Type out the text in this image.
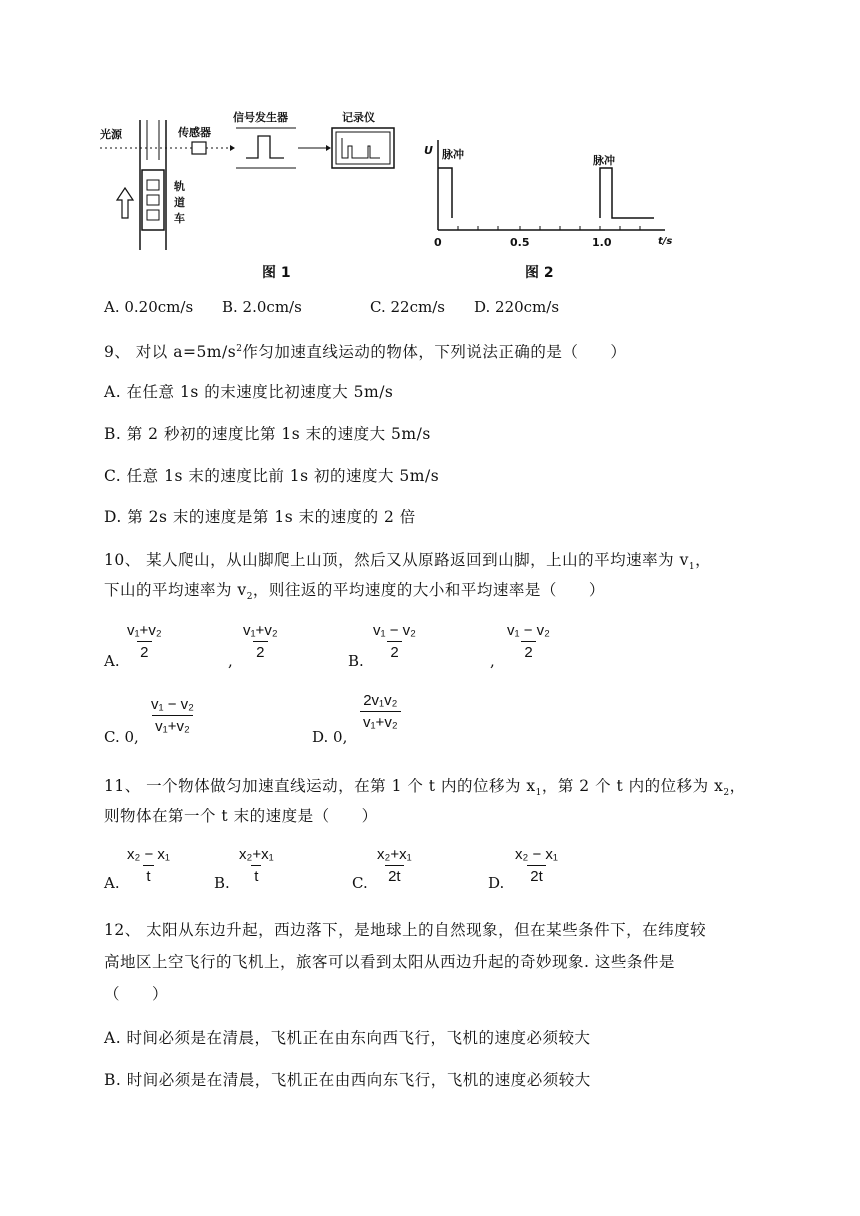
光源	传感器
信号发生器	记录仪
轨
道
车
图 1
U 脉冲	脉冲
0	0.5	1.0	t/s
图 2
A. 0.20cm/s B. 2.0cm/s	C. 22cm/s D. 220cm/s
9、 对以 $a=5m/s^2$作匀加速直线运动的物体，下列说法正确的是（　　）
A. 在任意 1s 的末速度比初速度大 5m/s
B. 第 2 秒初的速度比第 1s 末的速度大 5m/s
C. 任意 1s 末的速度比前 1s 初的速度大 5m/s
D. 第 2s 末的速度是第 1s 末的速度的 2 倍
10、 某人爬山，从山脚爬上山顶，然后又从原路返回到山脚，上山的平均速率为 $v_1$，
下山的平均速率为 $v_2$，则往返的平均速度的大小和平均速率是（　　）
A. $\frac{\text{v₁+v₂}}{2}$	, $\frac{\text{v₁+v₂}}{2}$	B. $\frac{\text{v₁ − v₂}}{2}$	, $\frac{\text{v₁ − v₂}}{2}$
C. 0,
$\frac{\text{v₁ − v₂}}{\text{v₁+v₂}}$
D. 0,
$\frac{\text{2v₁v₂}}{\text{v₁+v₂}}$
11、 一个物体做匀加速直线运动，在第 1 个 t 内的位移为 $x_1$，第 2 个 t 内的位移为 $x_2$，
则物体在第一个 t 末的速度是（　　）
A. $\frac{\text{x₂ − x₁}}{t}$	B. $\frac{\text{x₂+x₁}}{t}$	C. $\frac{\text{x₂+x₁}}{2t}$	D. $\frac{\text{x₂ − x₁}}{2t}$
12、 太阳从东边升起，西边落下，是地球上的自然现象，但在某些条件下，在纬度较
高地区上空飞行的飞机上，旅客可以看到太阳从西边升起的奇妙现象. 这些条件是
（　　）
A. 时间必须是在清晨，飞机正在由东向西飞行，飞机的速度必须较大
B. 时间必须是在清晨，飞机正在由西向东飞行，飞机的速度必须较大
